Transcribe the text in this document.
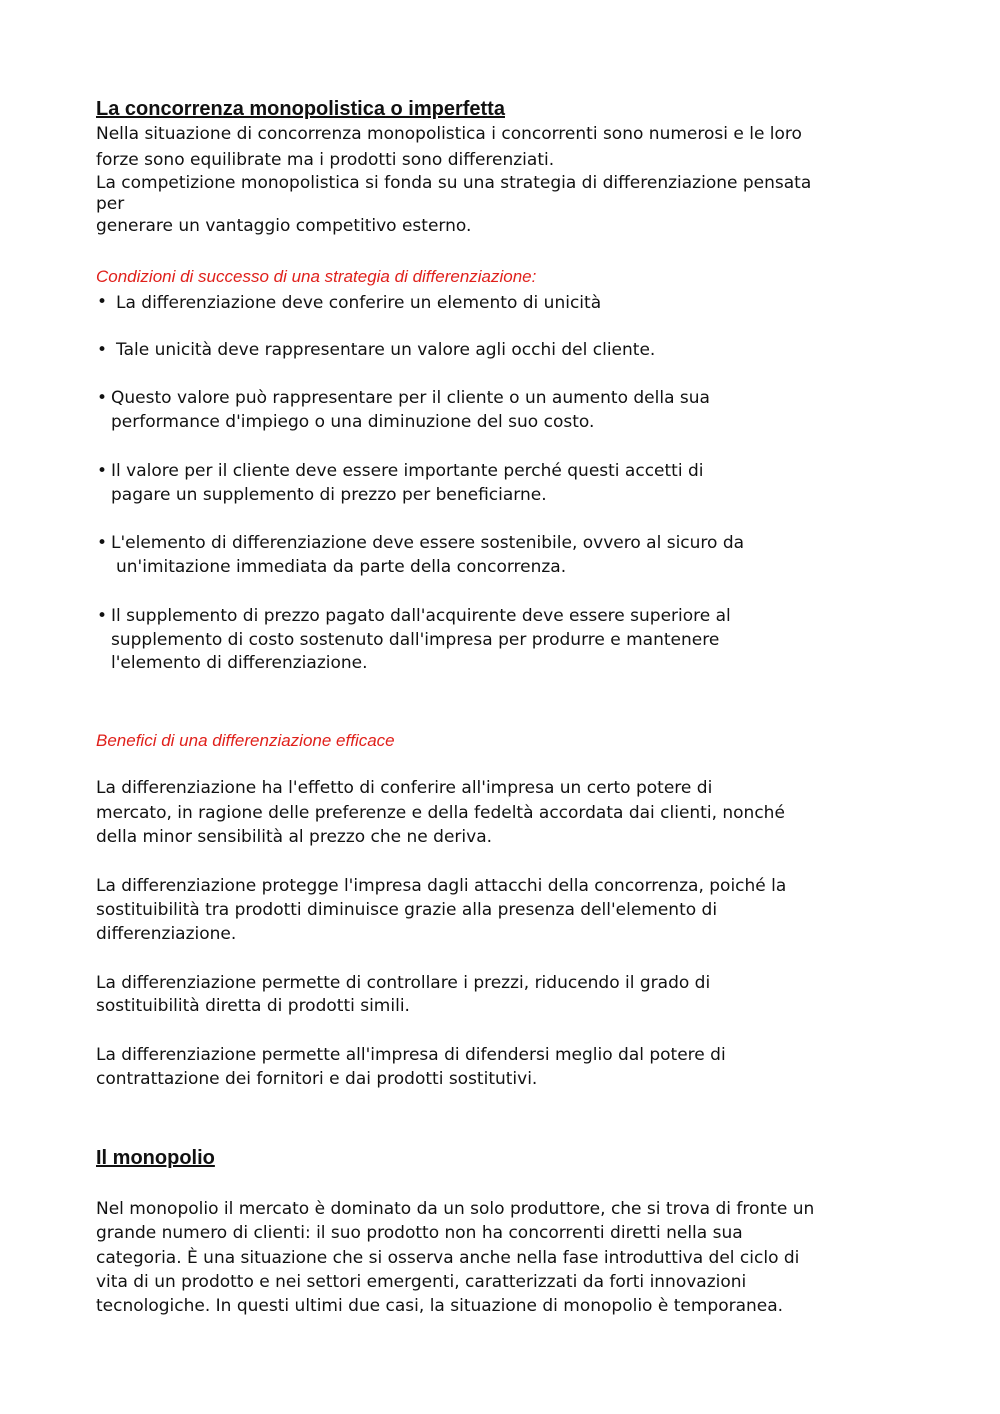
La concorrenza monopolistica o imperfetta
Nella situazione di concorrenza monopolistica i concorrenti sono numerosi e le loro
forze sono equilibrate ma i prodotti sono differenziati.
La competizione monopolistica si fonda su una strategia di differenziazione pensata
per
generare un vantaggio competitivo esterno.
Condizioni di successo di una strategia di differenziazione:
• La differenziazione deve conferire un elemento di unicità
• Tale unicità deve rappresentare un valore agli occhi del cliente.
• Questo valore può rappresentare per il cliente o un aumento della sua
performance d'impiego o una diminuzione del suo costo.
• Il valore per il cliente deve essere importante perché questi accetti di
pagare un supplemento di prezzo per beneficiarne.
• L'elemento di differenziazione deve essere sostenibile, ovvero al sicuro da
un'imitazione immediata da parte della concorrenza.
• Il supplemento di prezzo pagato dall'acquirente deve essere superiore al
supplemento di costo sostenuto dall'impresa per produrre e mantenere
l'elemento di differenziazione.
Benefici di una differenziazione efficace
La differenziazione ha l'effetto di conferire all'impresa un certo potere di
mercato, in ragione delle preferenze e della fedeltà accordata dai clienti, nonché
della minor sensibilità al prezzo che ne deriva.
La differenziazione protegge l'impresa dagli attacchi della concorrenza, poiché la
sostituibilità tra prodotti diminuisce grazie alla presenza dell'elemento di
differenziazione.
La differenziazione permette di controllare i prezzi, riducendo il grado di
sostituibilità diretta di prodotti simili.
La differenziazione permette all'impresa di difendersi meglio dal potere di
contrattazione dei fornitori e dai prodotti sostitutivi.
Il monopolio
Nel monopolio il mercato è dominato da un solo produttore, che si trova di fronte un
grande numero di clienti: il suo prodotto non ha concorrenti diretti nella sua
categoria. È una situazione che si osserva anche nella fase introduttiva del ciclo di
vita di un prodotto e nei settori emergenti, caratterizzati da forti innovazioni
tecnologiche. In questi ultimi due casi, la situazione di monopolio è temporanea.
